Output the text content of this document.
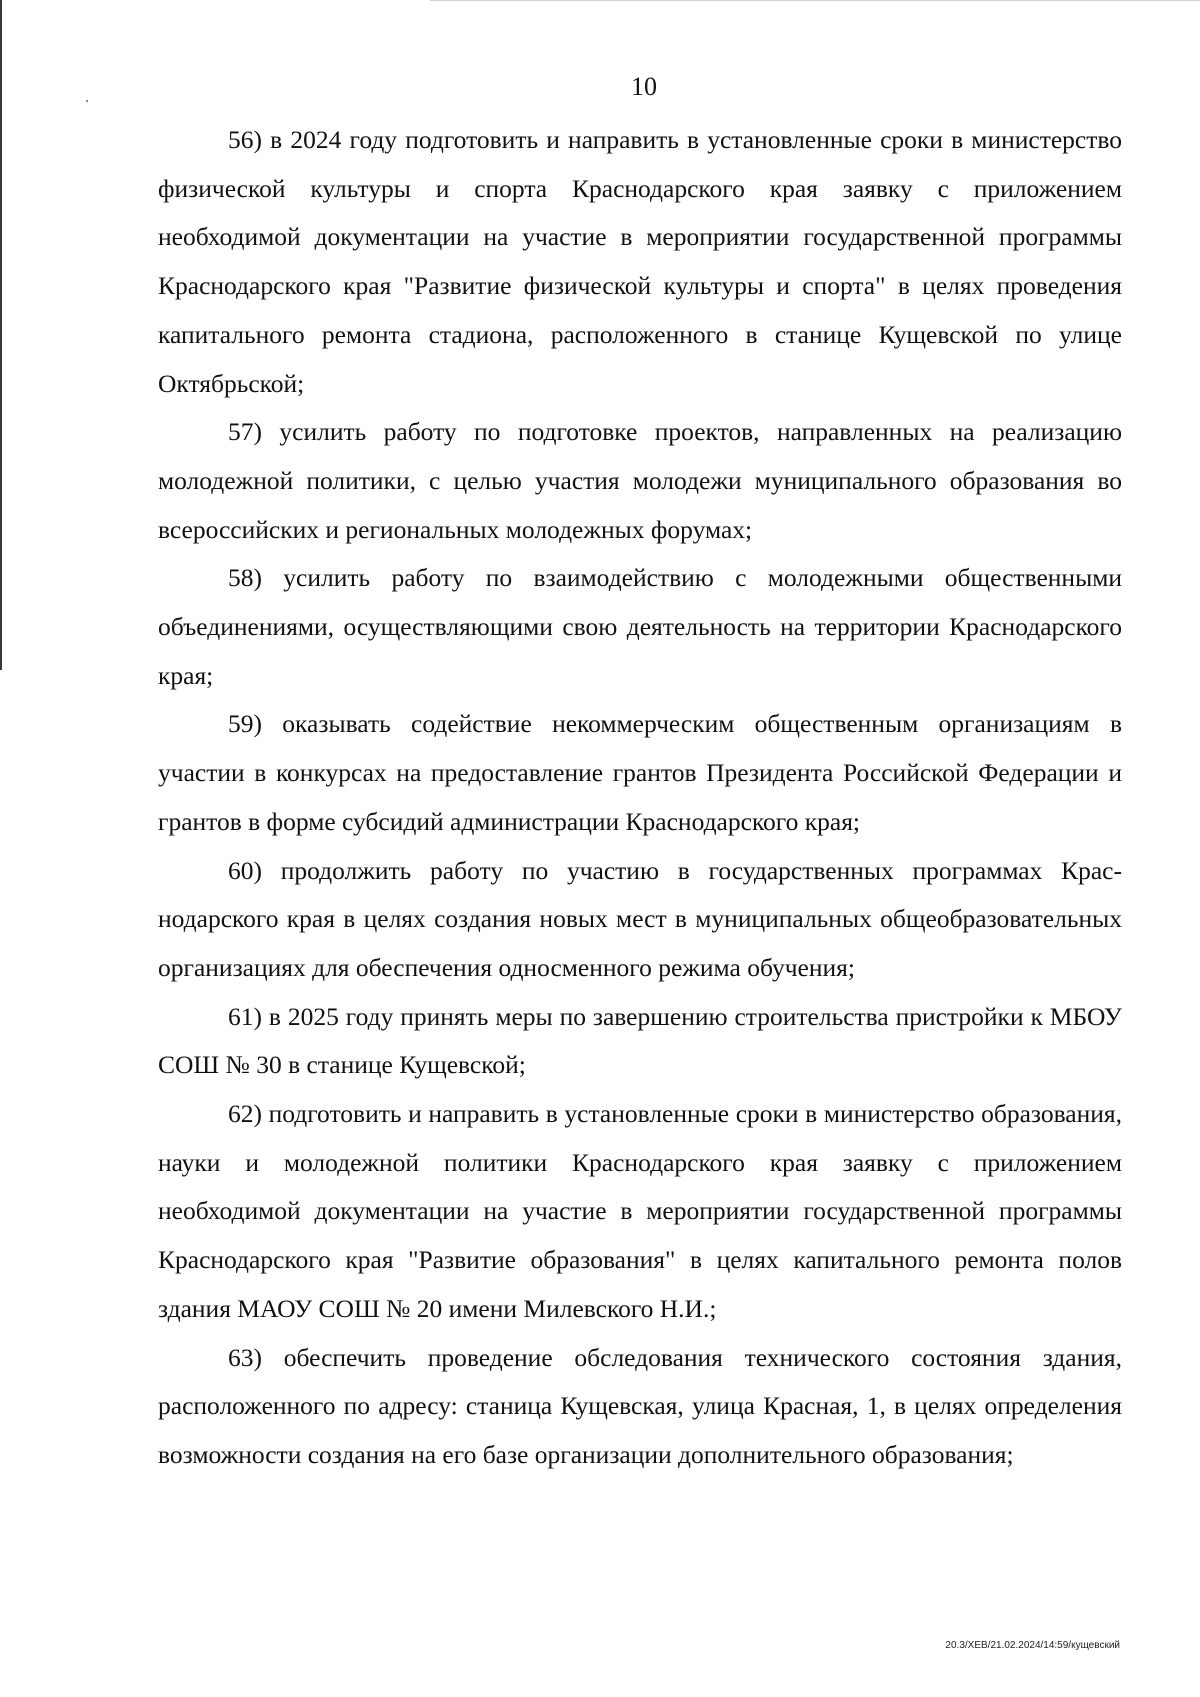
10

56) в 2024 году подготовить и направить в установленные сроки в министерство физической культуры и спорта Краснодарского края заявку с приложением необходимой документации на участие в мероприятии государственной программы Краснодарского края "Развитие физической культуры и спорта" в целях проведения капитального ремонта стадиона, расположенного в станице Кущевской по улице Октябрьской;

57) усилить работу по подготовке проектов, направленных на реализацию молодежной политики, с целью участия молодежи муниципального образования во всероссийских и региональных молодежных форумах;

58) усилить работу по взаимодействию с молодежными общественными объединениями, осуществляющими свою деятельность на территории Краснодарского края;

59) оказывать содействие некоммерческим общественным организациям в участии в конкурсах на предоставление грантов Президента Российской Федерации и грантов в форме субсидий администрации Краснодарского края;

60) продолжить работу по участию в государственных программах Краснодарского края в целях создания новых мест в муниципальных общеобразовательных организациях для обеспечения односменного режима обучения;

61) в 2025 году принять меры по завершению строительства пристройки к МБОУ СОШ № 30 в станице Кущевской;

62) подготовить и направить в установленные сроки в министерство образования, науки и молодежной политики Краснодарского края заявку с приложением необходимой документации на участие в мероприятии государственной программы Краснодарского края "Развитие образования" в целях капитального ремонта полов здания МАОУ СОШ № 20 имени Милевского Н.И.;

63) обеспечить проведение обследования технического состояния здания, расположенного по адресу: станица Кущевская, улица Красная, 1, в целях определения возможности создания на его базе организации дополнительного образования;

20.3/ХЕВ/21.02.2024/14:59/кущевский
